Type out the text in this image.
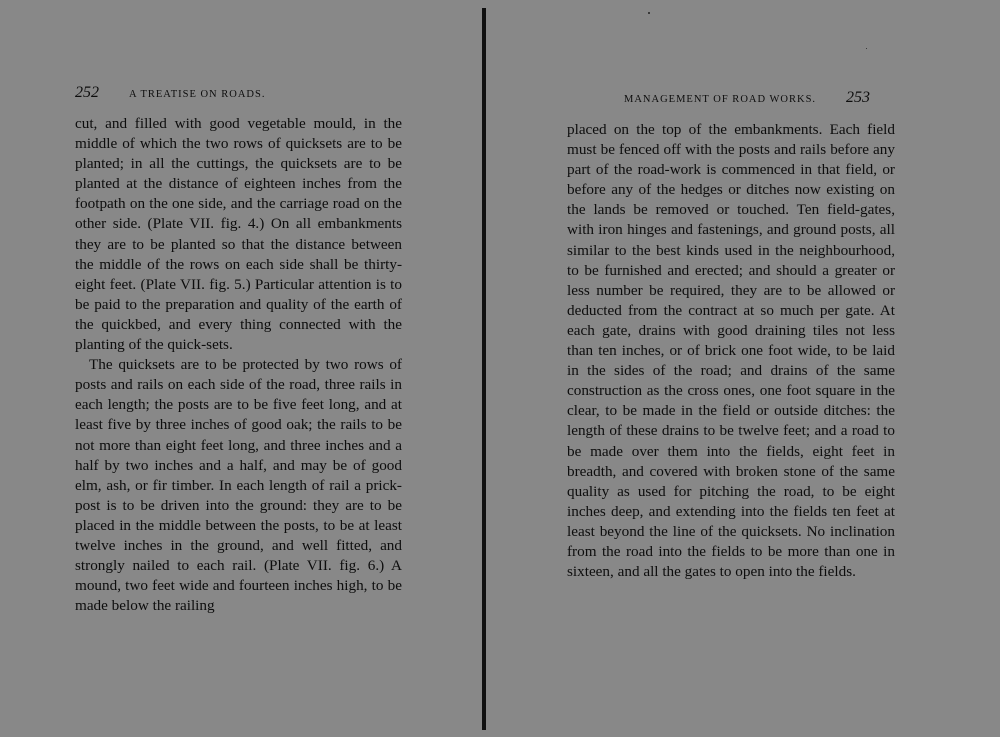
252	A TREATISE ON ROADS.

cut, and filled with good vegetable mould, in the middle of which the two rows of quicksets are to be planted; in all the cuttings, the quicksets are to be planted at the distance of eighteen inches from the footpath on the one side, and the carriage road on the other side. (Plate VII. fig. 4.) On all embankments they are to be planted so that the distance between the middle of the rows on each side shall be thirty-eight feet. (Plate VII. fig. 5.) Particular attention is to be paid to the preparation and quality of the earth of the quickbed, and every thing connected with the planting of the quick-sets.

The quicksets are to be protected by two rows of posts and rails on each side of the road, three rails in each length; the posts are to be five feet long, and at least five by three inches of good oak; the rails to be not more than eight feet long, and three inches and a half by two inches and a half, and may be of good elm, ash, or fir timber. In each length of rail a prick-post is to be driven into the ground: they are to be placed in the middle between the posts, to be at least twelve inches in the ground, and well fitted, and strongly nailed to each rail. (Plate VII. fig. 6.) A mound, two feet wide and fourteen inches high, to be made below the railing

MANAGEMENT OF ROAD WORKS. 253

placed on the top of the embankments. Each field must be fenced off with the posts and rails before any part of the road-work is commenced in that field, or before any of the hedges or ditches now existing on the lands be removed or touched. Ten field-gates, with iron hinges and fastenings, and ground posts, all similar to the best kinds used in the neighbourhood, to be furnished and erected; and should a greater or less number be required, they are to be allowed or deducted from the contract at so much per gate. At each gate, drains with good draining tiles not less than ten inches, or of brick one foot wide, to be laid in the sides of the road; and drains of the same construction as the cross ones, one foot square in the clear, to be made in the field or outside ditches: the length of these drains to be twelve feet; and a road to be made over them into the fields, eight feet in breadth, and covered with broken stone of the same quality as used for pitching the road, to be eight inches deep, and extending into the fields ten feet at least beyond the line of the quicksets. No inclination from the road into the fields to be more than one in sixteen, and all the gates to open into the fields.
